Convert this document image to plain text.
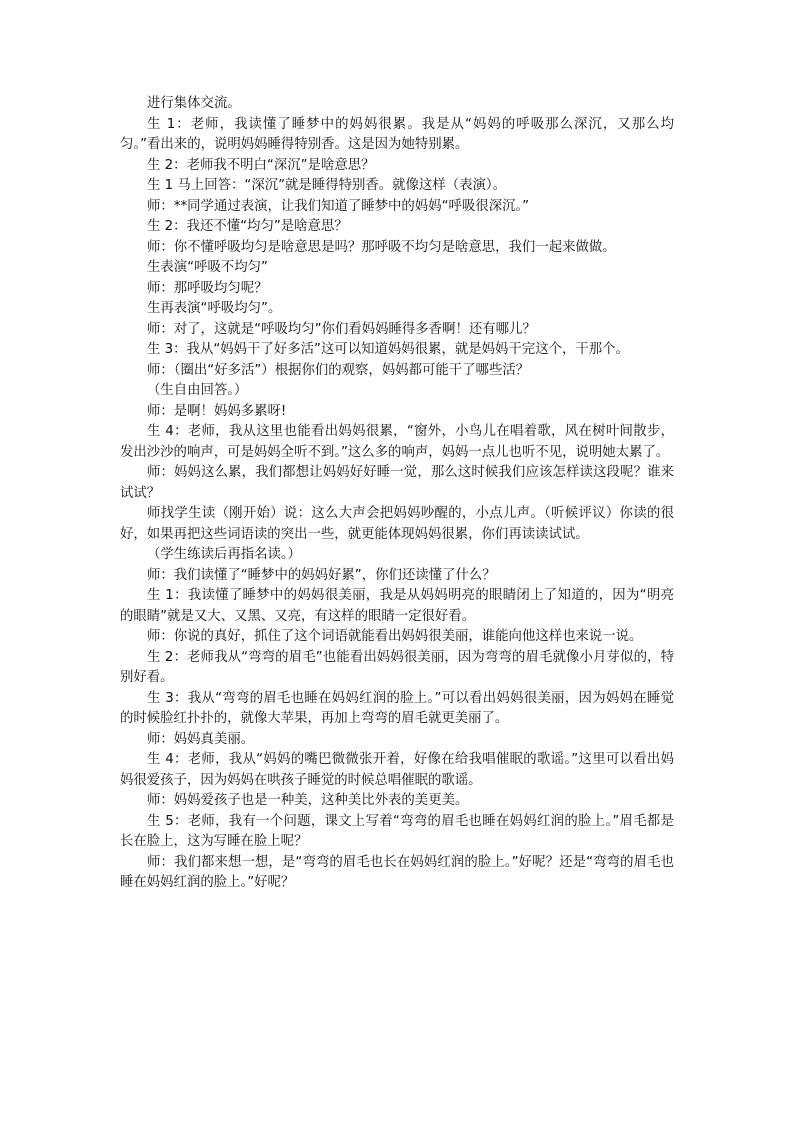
进行集体交流。

生 1：老师，我读懂了睡梦中的妈妈很累。我是从“妈妈的呼吸那么深沉，又那么均匀。”看出来的，说明妈妈睡得特别香。这是因为她特别累。

生 2：老师我不明白“深沉”是啥意思？

生 1 马上回答：“深沉”就是睡得特别香。就像这样（表演）。

师：**同学通过表演，让我们知道了睡梦中的妈妈“呼吸很深沉。”

生 2：我还不懂“均匀”是啥意思？

师：你不懂呼吸均匀是啥意思是吗？那呼吸不均匀是啥意思，我们一起来做做。

生表演“呼吸不均匀”

师：那呼吸均匀呢？

生再表演“呼吸均匀”。

师：对了，这就是“呼吸均匀”你们看妈妈睡得多香啊！还有哪儿？

生 3：我从“妈妈干了好多活”这可以知道妈妈很累，就是妈妈干完这个，干那个。

师：（圈出“好多活”）根据你们的观察，妈妈都可能干了哪些活？

（生自由回答。）

师：是啊！妈妈多累呀!

生 4：老师，我从这里也能看出妈妈很累，“窗外，小鸟儿在唱着歌，风在树叶间散步，发出沙沙的响声，可是妈妈全听不到。”这么多的响声，妈妈一点儿也听不见，说明她太累了。

师：妈妈这么累，我们都想让妈妈好好睡一觉，那么这时候我们应该怎样读这段呢？谁来试试？

师找学生读（刚开始）说：这么大声会把妈妈吵醒的，小点儿声。（听候评议）你读的很好，如果再把这些词语读的突出一些，就更能体现妈妈很累，你们再读读试试。

（学生练读后再指名读。）

师：我们读懂了“睡梦中的妈妈好累”，你们还读懂了什么？

生 1：我读懂了睡梦中的妈妈很美丽，我是从妈妈明亮的眼睛闭上了知道的，因为“明亮的眼睛”就是又大、又黑、又亮，有这样的眼睛一定很好看。

师：你说的真好，抓住了这个词语就能看出妈妈很美丽，谁能向他这样也来说一说。

生 2：老师我从“弯弯的眉毛”也能看出妈妈很美丽，因为弯弯的眉毛就像小月芽似的，特别好看。

生 3：我从“弯弯的眉毛也睡在妈妈红润的脸上。”可以看出妈妈很美丽，因为妈妈在睡觉的时候脸红扑扑的，就像大苹果，再加上弯弯的眉毛就更美丽了。

师：妈妈真美丽。

生 4：老师，我从“妈妈的嘴巴微微张开着，好像在给我唱催眠的歌谣。”这里可以看出妈妈很爱孩子，因为妈妈在哄孩子睡觉的时候总唱催眠的歌谣。

师：妈妈爱孩子也是一种美，这种美比外表的美更美。

生 5：老师，我有一个问题，课文上写着“弯弯的眉毛也睡在妈妈红润的脸上。”眉毛都是长在脸上，这为写睡在脸上呢？

师：我们都来想一想，是“弯弯的眉毛也长在妈妈红润的脸上。”好呢？还是“弯弯的眉毛也睡在妈妈红润的脸上。”好呢？
